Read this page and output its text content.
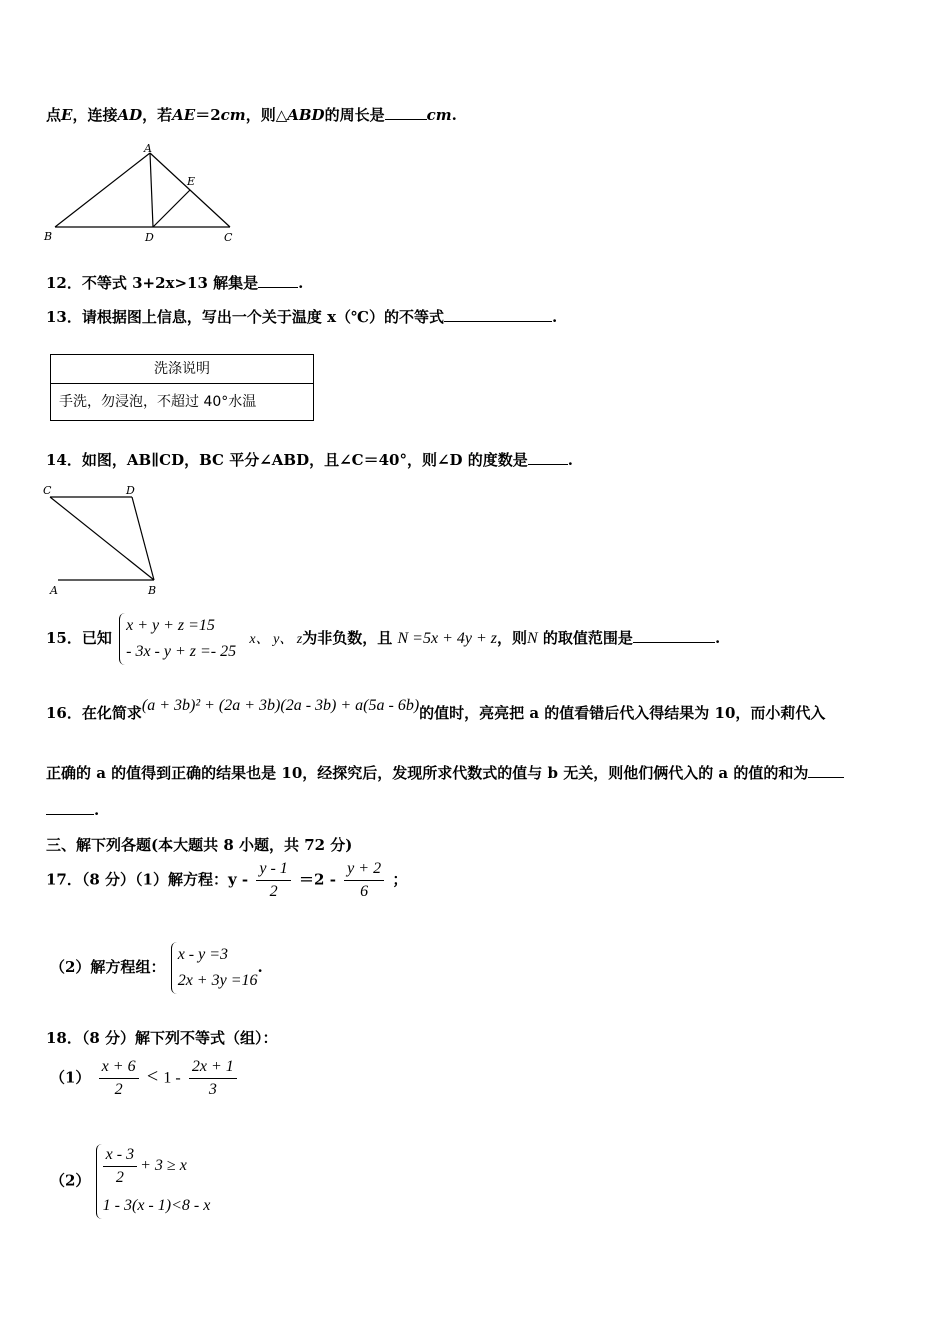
点E，连接AD，若AE＝2cm，则△ABD的周长是	cm.
A
E
B	D	C
12．不等式 3+2x>13 解集是	.
13．请根据图上信息，写出一个关于温度 x（℃）的不等式	.
洗涤说明
手洗，勿浸泡，不超过 40°水温
14．如图，AB∥CD，BC 平分∠ABD，且∠C＝40°，则∠D 的度数是	.
C	D
A	B
15．已知
x + y + z =15
- 3x - y + z =- 25
x、 y、 z为非负数，且 N =5x + 4y + z，则N 的取值范围是	.
16．在化简求(a + 3b)² + (2a + 3b)(2a - 3b) + a(5a - 6b)的值时，亮亮把 a 的值看错后代入得结果为 10，而小莉代入
正确的 a 的值得到正确的结果也是 10，经探究后，发现所求代数式的值与 b 无关，则他们俩代入的 a 的值的和为
.
三、解下列各题(本大题共 8 小题，共 72 分)
17．（8 分）（1）解方程：$y - \frac{y - 1}{2} =2 - \frac{y + 2}{6}$ ；
（2）解方程组：
x - y =3
2x + 3y =16
.
18．（8 分）解下列不等式（组）：
$(1) \frac{x + 6}{2} < 1 - \frac{2x + 1}{3}$
$(2) \frac{x - 3}{2} + 3 \ge x$
1 - 3(x - 1)<8 - x
